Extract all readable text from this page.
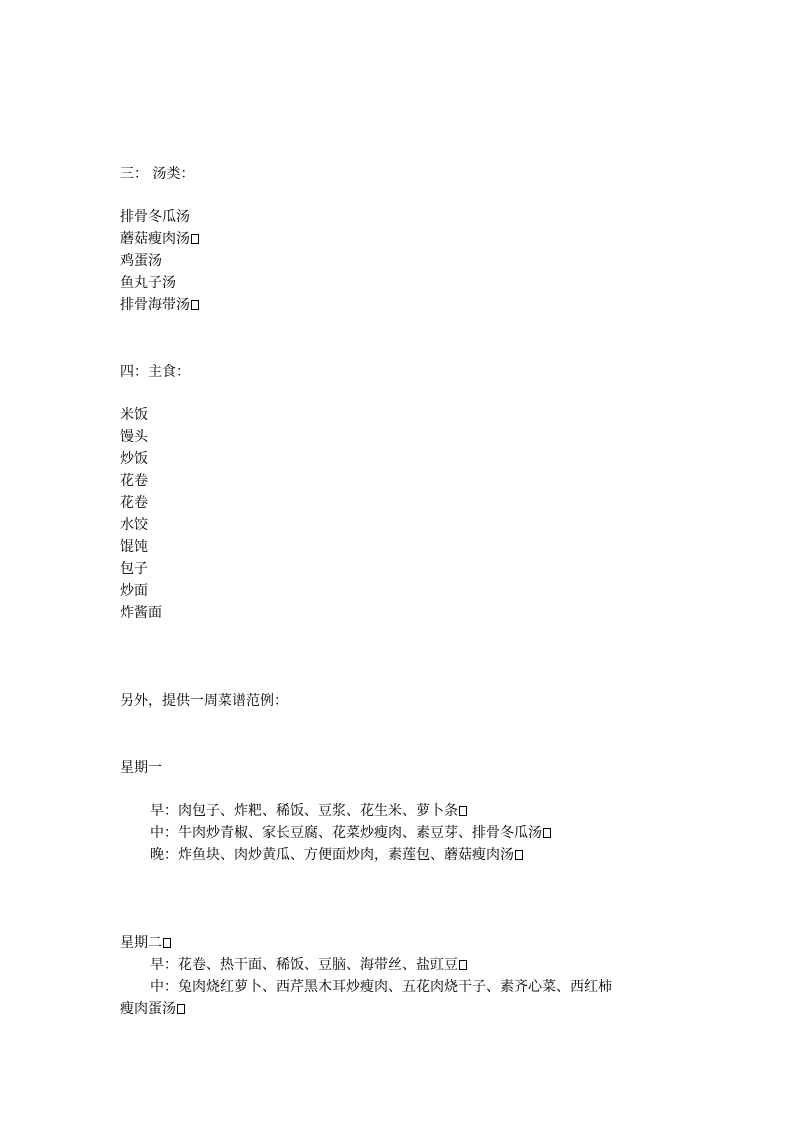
三： 汤类：
排骨冬瓜汤
蘑菇瘦肉汤
鸡蛋汤
鱼丸子汤
排骨海带汤
四：主食：
米饭
馒头
炒饭
花卷
花卷
水饺
馄饨
包子
炒面
炸酱面
另外，提供一周菜谱范例：
星期一
早：肉包子、炸粑、稀饭、豆浆、花生米、萝卜条
中：牛肉炒青椒、家长豆腐、花菜炒瘦肉、素豆芽、排骨冬瓜汤
晚：炸鱼块、肉炒黄瓜、方便面炒肉，素莲包、蘑菇瘦肉汤
星期二
早：花卷、热干面、稀饭、豆脑、海带丝、盐豇豆
中：兔肉烧红萝卜、西芹黑木耳炒瘦肉、五花肉烧干子、素齐心菜、西红柿
瘦肉蛋汤
